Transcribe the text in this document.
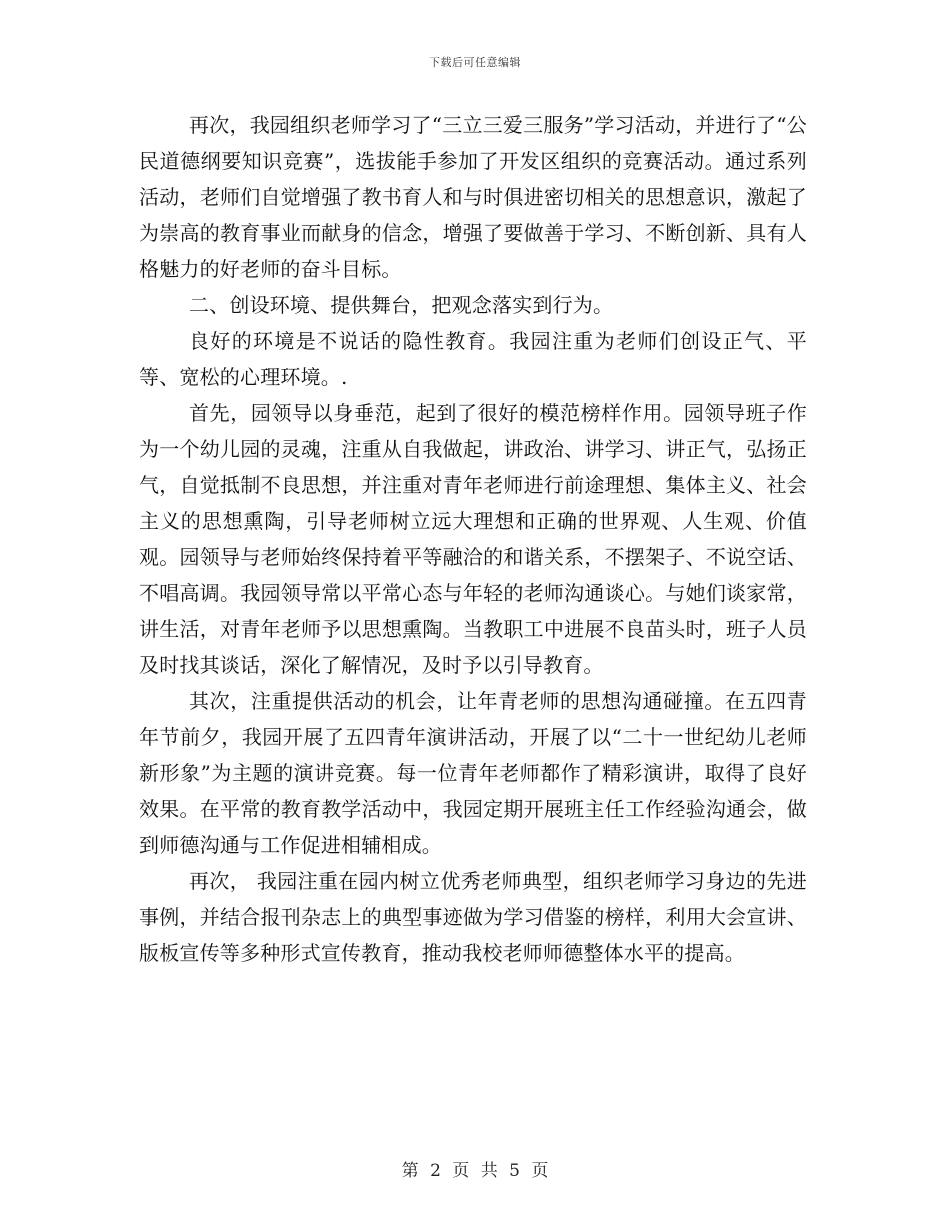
下载后可任意编辑

再次，我园组织老师学习了“三立三爱三服务”学习活动，并进行了“公民道德纲要知识竞赛”，选拔能手参加了开发区组织的竞赛活动。通过系列活动，老师们自觉增强了教书育人和与时俱进密切相关的思想意识，激起了为崇高的教育事业而献身的信念，增强了要做善于学习、不断创新、具有人格魅力的好老师的奋斗目标。

二、创设环境、提供舞台，把观念落实到行为。

良好的环境是不说话的隐性教育。我园注重为老师们创设正气、平等、宽松的心理环境。.

首先，园领导以身垂范，起到了很好的模范榜样作用。园领导班子作为一个幼儿园的灵魂，注重从自我做起，讲政治、讲学习、讲正气，弘扬正气，自觉抵制不良思想，并注重对青年老师进行前途理想、集体主义、社会主义的思想熏陶，引导老师树立远大理想和正确的世界观、人生观、价值观。园领导与老师始终保持着平等融洽的和谐关系，不摆架子、不说空话、不唱高调。我园领导常以平常心态与年轻的老师沟通谈心。与她们谈家常，讲生活，对青年老师予以思想熏陶。当教职工中进展不良苗头时，班子人员及时找其谈话，深化了解情况，及时予以引导教育。

其次，注重提供活动的机会，让年青老师的思想沟通碰撞。在五四青年节前夕，我园开展了五四青年演讲活动，开展了以“二十一世纪幼儿老师新形象”为主题的演讲竞赛。每一位青年老师都作了精彩演讲，取得了良好效果。在平常的教育教学活动中，我园定期开展班主任工作经验沟通会，做到师德沟通与工作促进相辅相成。

再次， 我园注重在园内树立优秀老师典型，组织老师学习身边的先进事例，并结合报刊杂志上的典型事迹做为学习借鉴的榜样，利用大会宣讲、版板宣传等多种形式宣传教育，推动我校老师师德整体水平的提高。

第 2 页 共 5 页
